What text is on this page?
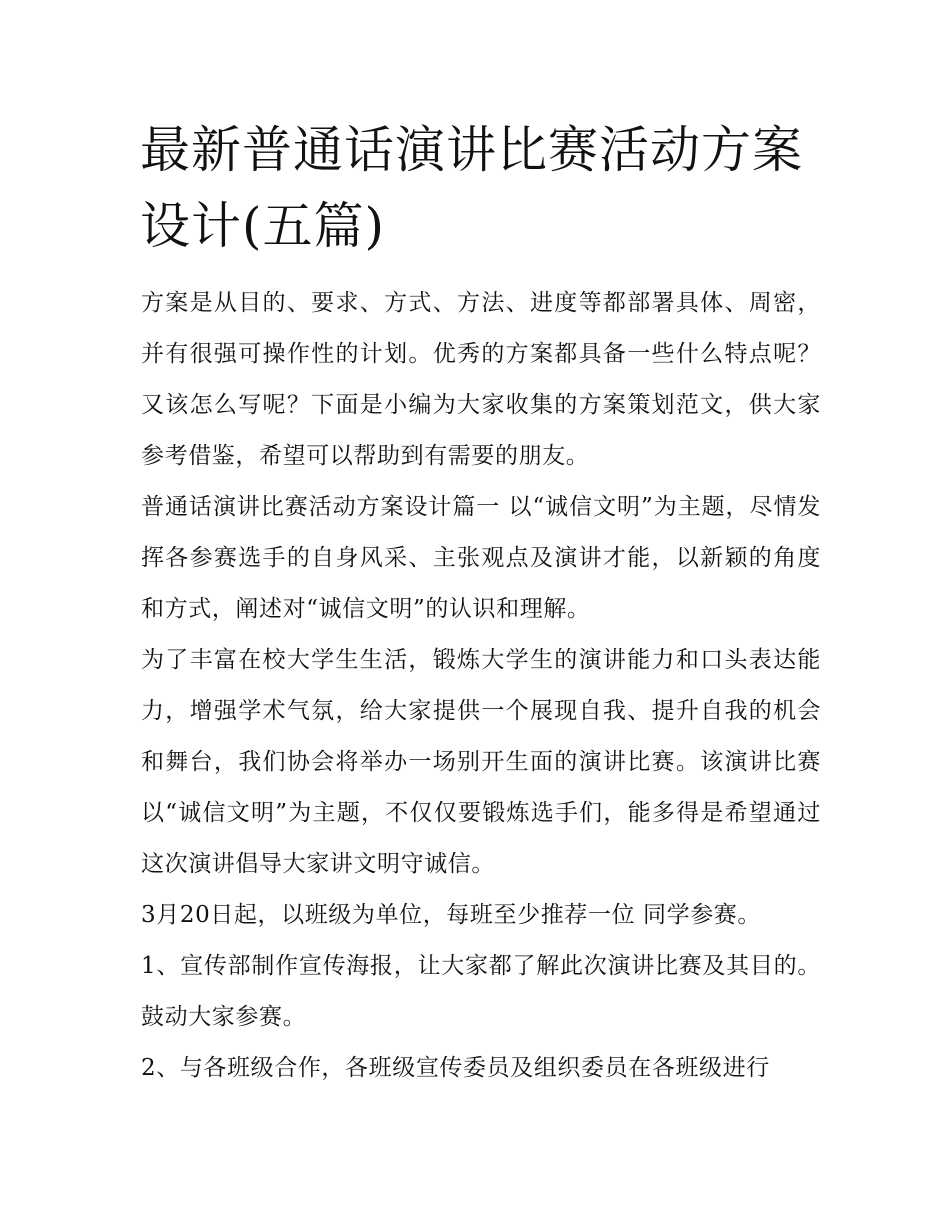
最新普通话演讲比赛活动方案设计(五篇)

方案是从目的、要求、方式、方法、进度等都部署具体、周密，并有很强可操作性的计划。优秀的方案都具备一些什么特点呢？又该怎么写呢？下面是小编为大家收集的方案策划范文，供大家参考借鉴，希望可以帮助到有需要的朋友。

普通话演讲比赛活动方案设计篇一 以“诚信文明”为主题，尽情发挥各参赛选手的自身风采、主张观点及演讲才能，以新颖的角度和方式，阐述对“诚信文明”的认识和理解。

为了丰富在校大学生生活，锻炼大学生的演讲能力和口头表达能力，增强学术气氛，给大家提供一个展现自我、提升自我的机会和舞台，我们协会将举办一场别开生面的演讲比赛。该演讲比赛以“诚信文明”为主题，不仅仅要锻炼选手们，能多得是希望通过这次演讲倡导大家讲文明守诚信。

3月20日起，以班级为单位，每班至少推荐一位 同学参赛。

1、宣传部制作宣传海报，让大家都了解此次演讲比赛及其目的。鼓动大家参赛。

2、与各班级合作，各班级宣传委员及组织委员在各班级进行
